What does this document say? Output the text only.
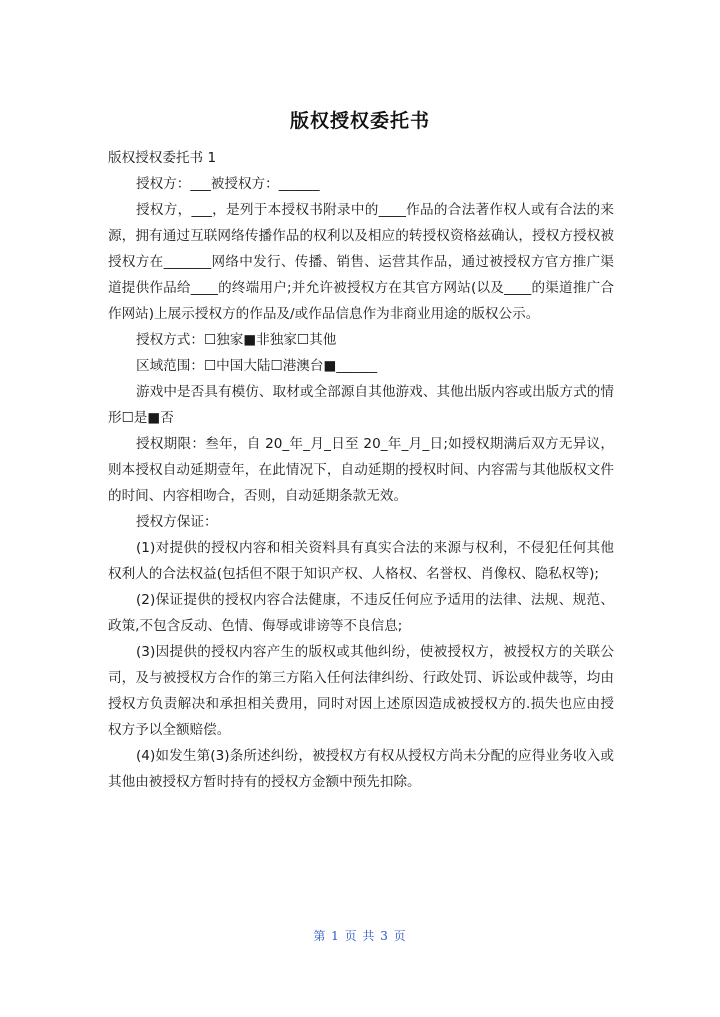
版权授权委托书

版权授权委托书 1

授权方：___被授权方：______

授权方，___，是列于本授权书附录中的____作品的合法著作权人或有合法的来源，拥有通过互联网络传播作品的权利以及相应的转授权资格兹确认，授权方授权被授权方在_______网络中发行、传播、销售、运营其作品，通过被授权方官方推广渠道提供作品给____的终端用户;并允许被授权方在其官方网站(以及____的渠道推广合作网站)上展示授权方的作品及/或作品信息作为非商业用途的版权公示。

授权方式：☐独家■非独家☐其他

区域范围：☐中国大陆☐港澳台■______

游戏中是否具有模仿、取材或全部源自其他游戏、其他出版内容或出版方式的情形☐是■否

授权期限：叁年，自 20_年_月_日至 20_年_月_日;如授权期满后双方无异议，则本授权自动延期壹年，在此情况下，自动延期的授权时间、内容需与其他版权文件的时间、内容相吻合，否则，自动延期条款无效。

授权方保证：

(1)对提供的授权内容和相关资料具有真实合法的来源与权利，不侵犯任何其他权利人的合法权益(包括但不限于知识产权、人格权、名誉权、肖像权、隐私权等);

(2)保证提供的授权内容合法健康，不违反任何应予适用的法律、法规、规范、政策,不包含反动、色情、侮辱或诽谤等不良信息;

(3)因提供的授权内容产生的版权或其他纠纷，使被授权方，被授权方的关联公司，及与被授权方合作的第三方陷入任何法律纠纷、行政处罚、诉讼或仲裁等，均由授权方负责解决和承担相关费用，同时对因上述原因造成被授权方的.损失也应由授权方予以全额赔偿。

(4)如发生第(3)条所述纠纷，被授权方有权从授权方尚未分配的应得业务收入或其他由被授权方暂时持有的授权方金额中预先扣除。

第 1 页 共 3 页
